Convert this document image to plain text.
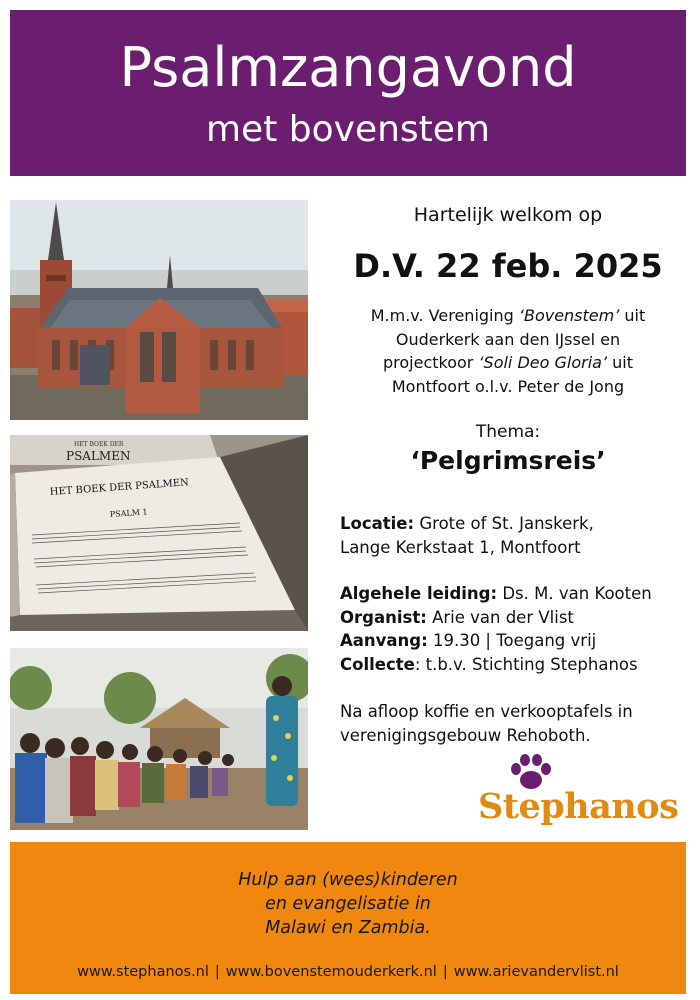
Psalmzangavond
met bovenstem
HET BOEK DER
PSALMEN
HET BOEK DER PSALMEN
PSALM 1
Hartelijk welkom op
D.V. 22 feb. 2025
M.m.v. Vereniging ‘Bovenstem’ uit
Ouderkerk aan den IJssel en
projectkoor ‘Soli Deo Gloria’ uit
Montfoort o.l.v. Peter de Jong
Thema:
‘Pelgrimsreis’
Locatie: Grote of St. Janskerk,
Lange Kerkstaat 1, Montfoort
Algehele leiding: Ds. M. van Kooten
Organist: Arie van der Vlist
Aanvang: 19.30 | Toegang vrij
Collecte: t.b.v. Stichting Stephanos
Na afloop koffie en verkooptafels in
verenigingsgebouw Rehoboth.
Stephanos
Hulp aan (wees)kinderen
en evangelisatie in
Malawi en Zambia.
www.stephanos.nl | www.bovenstemouderkerk.nl | www.arievandervlist.nl
